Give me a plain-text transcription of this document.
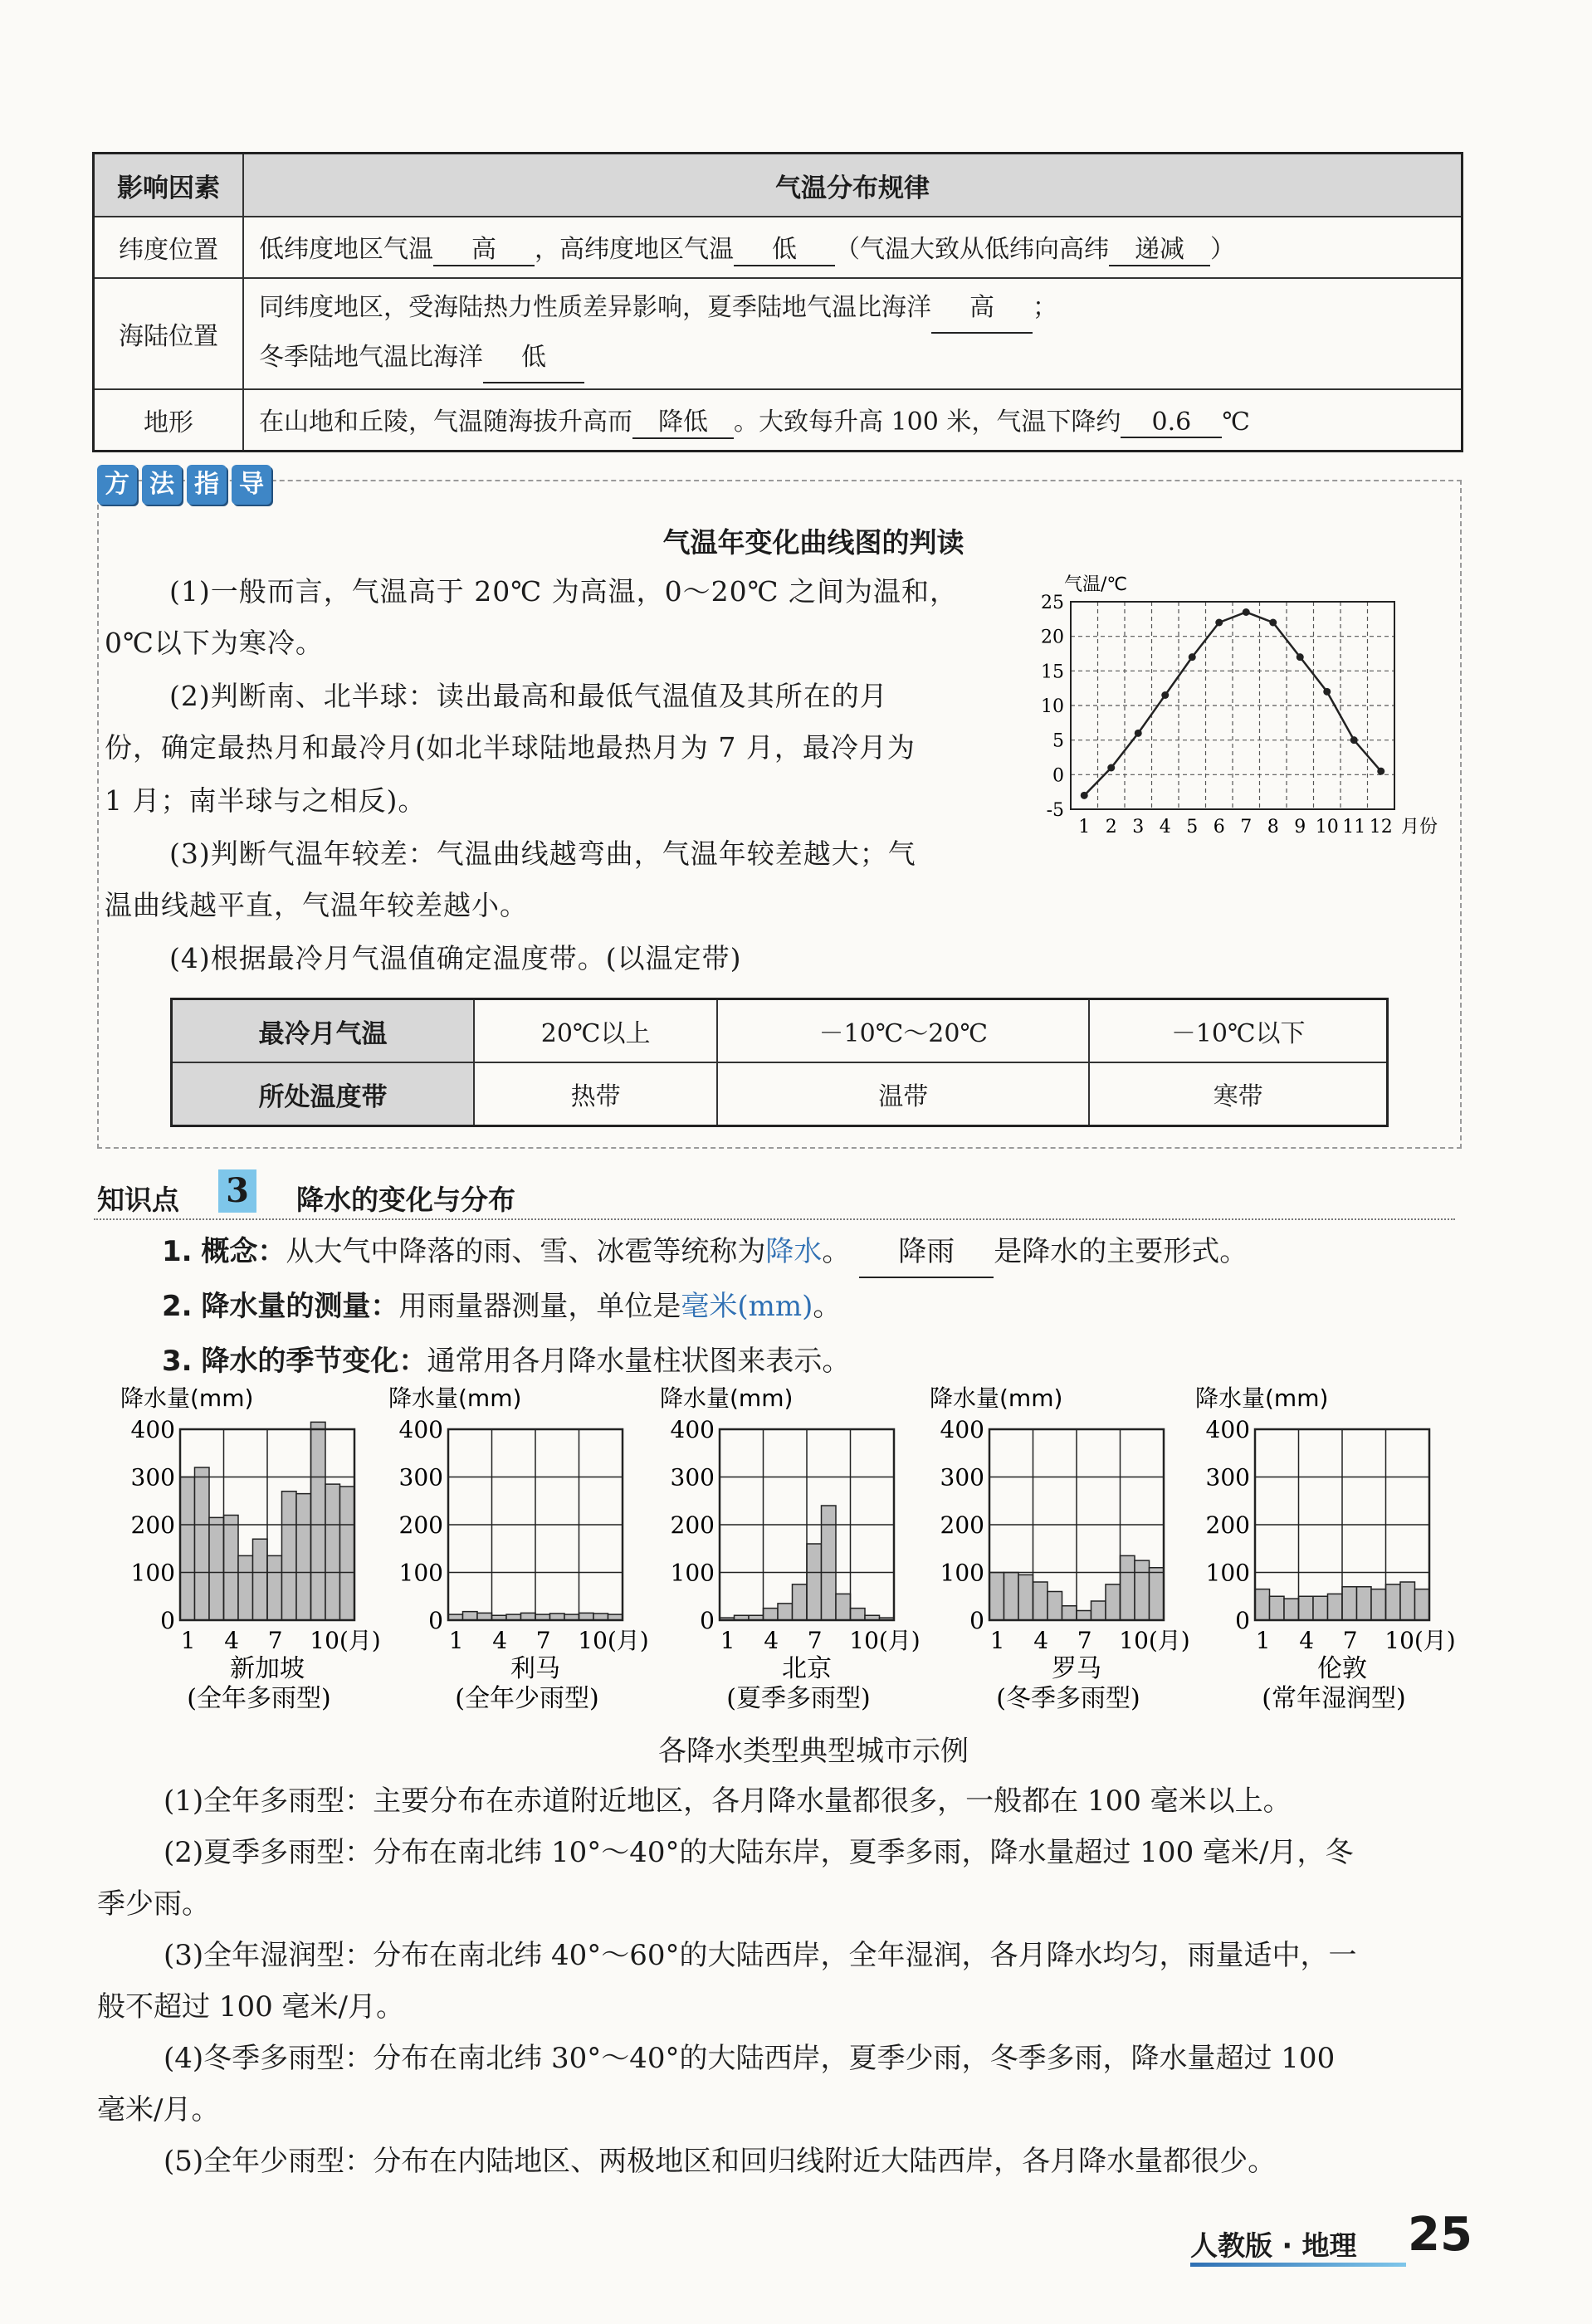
影响因素	气温分布规律
纬度位置	低纬度地区气温 高 ，高纬度地区气温 低 （气温大致从低纬向高纬 递减 ）
海陆位置	同纬度地区，受海陆热力性质差异影响，夏季陆地气温比海洋 高 ；
冬季陆地气温比海洋 低
地形	在山地和丘陵，气温随海拔升高而 降低 。大致每升高 100 米，气温下降约 0.6 ℃
方 法 指 导
气温年变化曲线图的判读
(1)一般而言，气温高于 20℃ 为高温，0～20℃ 之间为温和，
0℃以下为寒冷。
(2)判断南、北半球：读出最高和最低气温值及其所在的月
份，确定最热月和最冷月(如北半球陆地最热月为 7 月，最冷月为
1 月；南半球与之相反)。
(3)判断气温年较差：气温曲线越弯曲，气温年较差越大；气
温曲线越平直，气温年较差越小。
(4)根据最冷月气温值确定温度带。(以温定带)
25
20
15
10
5
0
-5
1 2 3 4 5 6 7 8 9 10 11 12 月份
气温/℃
最冷月气温	20℃以上	－10℃～20℃	－10℃以下
所处温度带	热带	温带	寒带
知识点 3 降水的变化与分布
1. 概念：从大气中降落的雨、雪、冰雹等统称为降水。 降雨 是降水的主要形式。
2. 降水量的测量：用雨量器测量，单位是毫米(mm)。
3. 降水的季节变化：通常用各月降水量柱状图来表示。
降水量(mm)
400
300
200
100
0
1 4 7 10(月)
新加坡
(全年多雨型)
降水量(mm)
400
300
200
100
0
1 4 7 10(月)
利马
(全年少雨型)
降水量(mm)
400
300
200
100
0
1 4 7 10(月)
北京
(夏季多雨型)
降水量(mm)
400
300
200
100
0
1 4 7 10(月)
罗马
(冬季多雨型)
降水量(mm)
400
300
200
100
0
1 4 7 10(月)
伦敦
(常年湿润型)
各降水类型典型城市示例
(1)全年多雨型：主要分布在赤道附近地区，各月降水量都很多，一般都在 100 毫米以上。
(2)夏季多雨型：分布在南北纬 10°～40°的大陆东岸，夏季多雨，降水量超过 100 毫米/月，冬
季少雨。
(3)全年湿润型：分布在南北纬 40°～60°的大陆西岸，全年湿润，各月降水均匀，雨量适中，一
般不超过 100 毫米/月。
(4)冬季多雨型：分布在南北纬 30°～40°的大陆西岸，夏季少雨，冬季多雨，降水量超过 100
毫米/月。
(5)全年少雨型：分布在内陆地区、两极地区和回归线附近大陆西岸，各月降水量都很少。
人教版 · 地理 25
